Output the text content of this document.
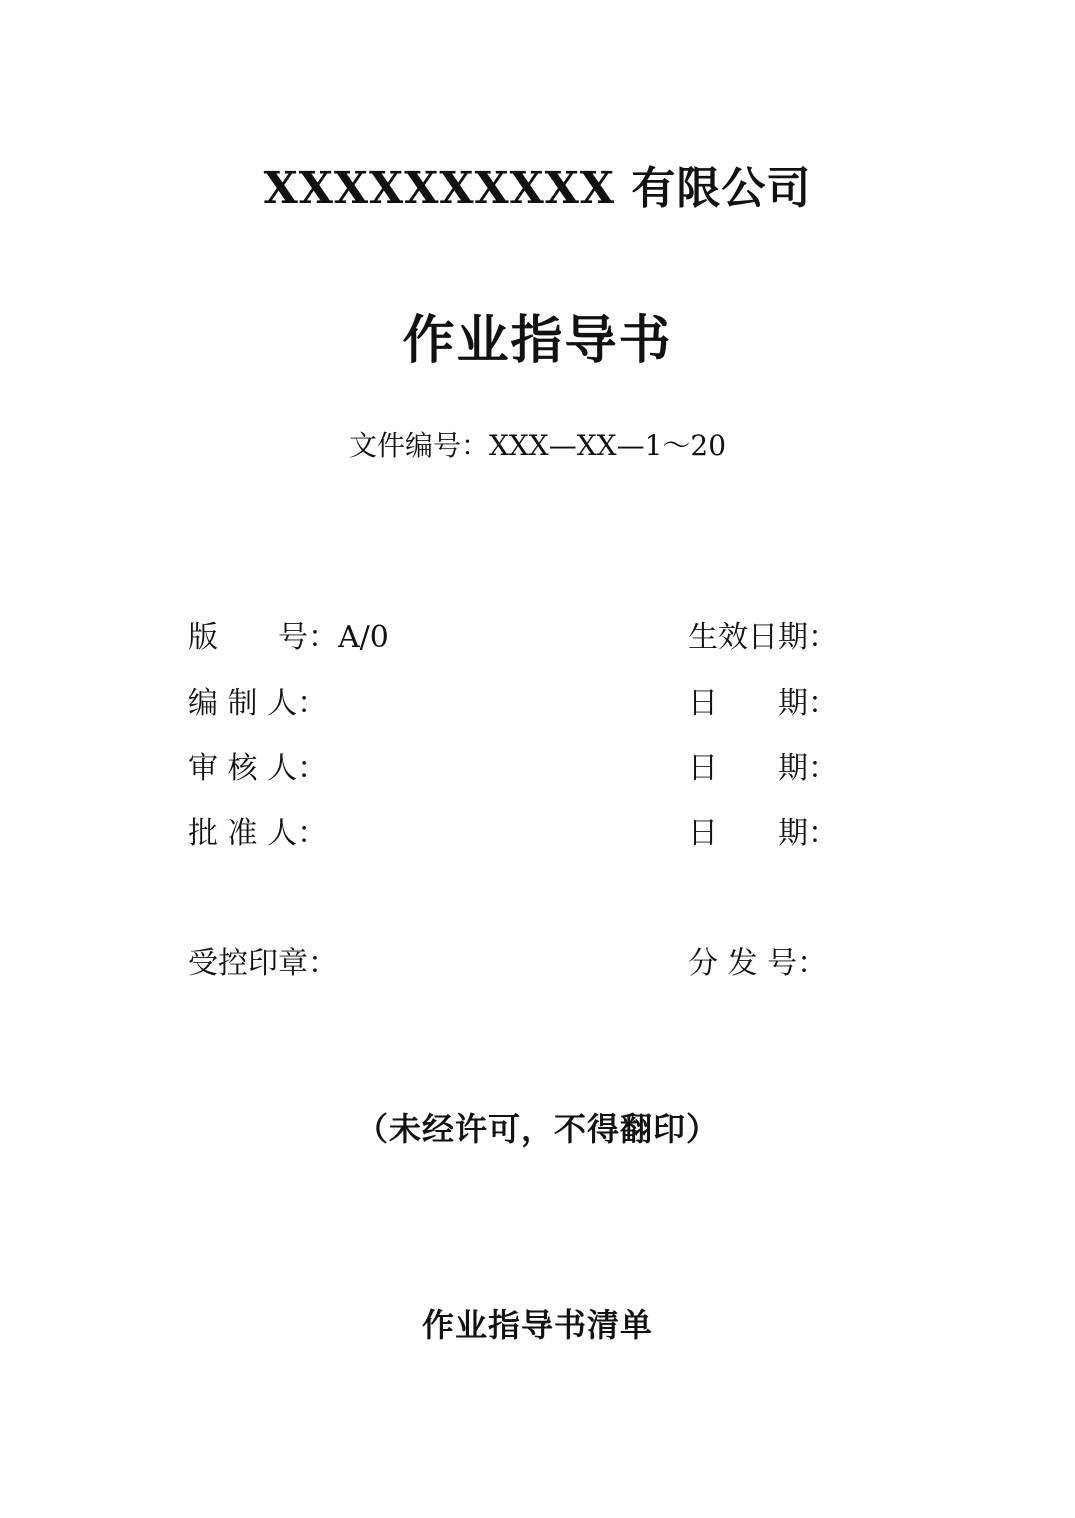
XXXXXXXXXX 有限公司
作业指导书
文件编号：XXX—XX—1～20
版　　号：A/0	生效日期：
编 制 人：	日　　期：
审 核 人：	日　　期：
批 准 人：	日　　期：
受控印章：	分 发 号：
（未经许可，不得翻印）
作业指导书清单
